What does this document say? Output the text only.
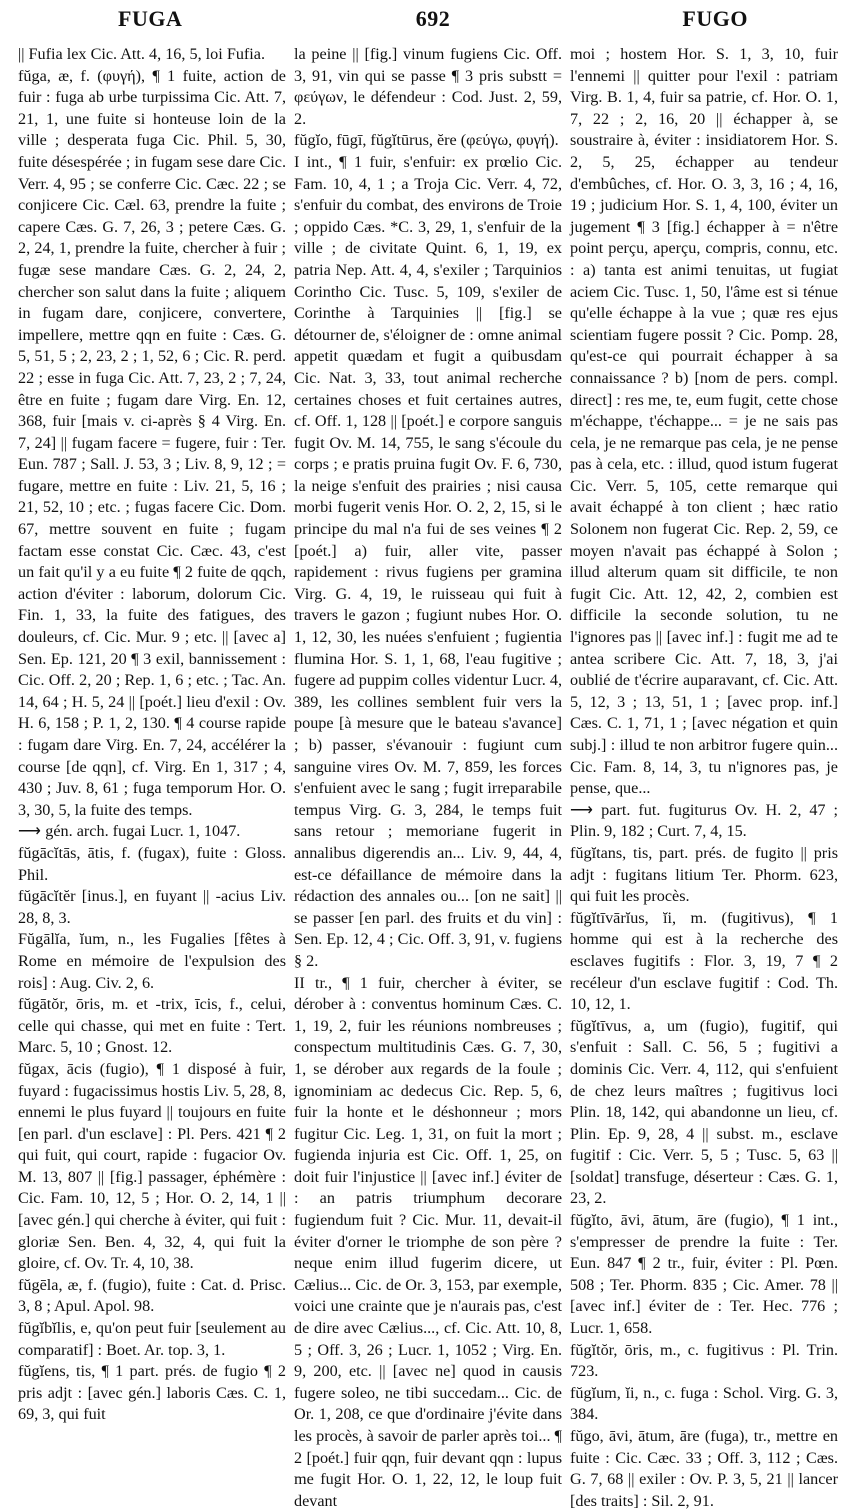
FUGA	692	FUGO

|| Fufia lex Cic. Att. 4, 16, 5, loi Fufia.

fŭga, æ, f. (φυγή), ¶ 1 fuite, action de fuir : fuga ab urbe turpissima Cic. Att. 7, 21, 1, une fuite si honteuse loin de la ville ; desperata fuga Cic. Phil. 5, 30, fuite désespérée ; in fugam sese dare Cic. Verr. 4, 95 ; se conferre Cic. Cæc. 22 ; se conjicere Cic. Cæl. 63, prendre la fuite ; capere Cæs. G. 7, 26, 3 ; petere Cæs. G. 2, 24, 1, prendre la fuite, chercher à fuir ; fugæ sese mandare Cæs. G. 2, 24, 2, chercher son salut dans la fuite ; aliquem in fugam dare, conjicere, convertere, impellere, mettre qqn en fuite : Cæs. G. 5, 51, 5 ; 2, 23, 2 ; 1, 52, 6 ; Cic. R. perd. 22 ; esse in fuga Cic. Att. 7, 23, 2 ; 7, 24, être en fuite ; fugam dare Virg. En. 12, 368, fuir [mais v. ci-après § 4 Virg. En. 7, 24] || fugam facere = fugere, fuir : Ter. Eun. 787 ; Sall. J. 53, 3 ; Liv. 8, 9, 12 ; = fugare, mettre en fuite : Liv. 21, 5, 16 ; 21, 52, 10 ; etc. ; fugas facere Cic. Dom. 67, mettre souvent en fuite ; fugam factam esse constat Cic. Cæc. 43, c'est un fait qu'il y a eu fuite ¶ 2 fuite de qqch, action d'éviter : laborum, dolorum Cic. Fin. 1, 33, la fuite des fatigues, des douleurs, cf. Cic. Mur. 9 ; etc. || [avec a] Sen. Ep. 121, 20 ¶ 3 exil, bannissement : Cic. Off. 2, 20 ; Rep. 1, 6 ; etc. ; Tac. An. 14, 64 ; H. 5, 24 || [poét.] lieu d'exil : Ov. H. 6, 158 ; P. 1, 2, 130. ¶ 4 course rapide : fugam dare Virg. En. 7, 24, accélérer la course [de qqn], cf. Virg. En 1, 317 ; 4, 430 ; Juv. 8, 61 ; fuga temporum Hor. O. 3, 30, 5, la fuite des temps.

⟶ gén. arch. fugai Lucr. 1, 1047.

fŭgācĭtās, ātis, f. (fugax), fuite : Gloss. Phil.

fŭgācĭtĕr [inus.], en fuyant || -acius Liv. 28, 8, 3.

Fŭgālĭa, ĭum, n., les Fugalies [fêtes à Rome en mémoire de l'expulsion des rois] : Aug. Civ. 2, 6.

fŭgātŏr, ōris, m. et -trix, īcis, f., celui, celle qui chasse, qui met en fuite : Tert. Marc. 5, 10 ; Gnost. 12.

fŭgax, ācis (fugio), ¶ 1 disposé à fuir, fuyard : fugacissimus hostis Liv. 5, 28, 8, ennemi le plus fuyard || toujours en fuite [en parl. d'un esclave] : Pl. Pers. 421 ¶ 2 qui fuit, qui court, rapide : fugacior Ov. M. 13, 807 || [fig.] passager, éphémère : Cic. Fam. 10, 12, 5 ; Hor. O. 2, 14, 1 || [avec gén.] qui cherche à éviter, qui fuit : gloriæ Sen. Ben. 4, 32, 4, qui fuit la gloire, cf. Ov. Tr. 4, 10, 38.

fŭgēla, æ, f. (fugio), fuite : Cat. d. Prisc. 3, 8 ; Apul. Apol. 98.

fŭgĭbĭlis, e, qu'on peut fuir [seulement au comparatif] : Boet. Ar. top. 3, 1.

fŭgĭens, tis, ¶ 1 part. prés. de fugio ¶ 2 pris adjt : [avec gén.] laboris Cæs. C. 1, 69, 3, qui fuit

la peine || [fig.] vinum fugiens Cic. Off. 3, 91, vin qui se passe ¶ 3 pris substt = φεύγων, le défendeur : Cod. Just. 2, 59, 2.

fŭgĭo, fūgī, fŭgĭtūrus, ĕre (φεύγω, φυγή).

I int., ¶ 1 fuir, s'enfuir: ex prœlio Cic. Fam. 10, 4, 1 ; a Troja Cic. Verr. 4, 72, s'enfuir du combat, des environs de Troie ; oppido Cæs. *C. 3, 29, 1, s'enfuir de la ville ; de civitate Quint. 6, 1, 19, ex patria Nep. Att. 4, 4, s'exiler ; Tarquinios Corintho Cic. Tusc. 5, 109, s'exiler de Corinthe à Tarquinies || [fig.] se détourner de, s'éloigner de : omne animal appetit quædam et fugit a quibusdam Cic. Nat. 3, 33, tout animal recherche certaines choses et fuit certaines autres, cf. Off. 1, 128 || [poét.] e corpore sanguis fugit Ov. M. 14, 755, le sang s'écoule du corps ; e pratis pruina fugit Ov. F. 6, 730, la neige s'enfuit des prairies ; nisi causa morbi fugerit venis Hor. O. 2, 2, 15, si le principe du mal n'a fui de ses veines ¶ 2 [poét.] a) fuir, aller vite, passer rapidement : rivus fugiens per gramina Virg. G. 4, 19, le ruisseau qui fuit à travers le gazon ; fugiunt nubes Hor. O. 1, 12, 30, les nuées s'enfuient ; fugientia flumina Hor. S. 1, 1, 68, l'eau fugitive ; fugere ad puppim colles videntur Lucr. 4, 389, les collines semblent fuir vers la poupe [à mesure que le bateau s'avance] ; b) passer, s'évanouir : fugiunt cum sanguine vires Ov. M. 7, 859, les forces s'enfuient avec le sang ; fugit irreparabile tempus Virg. G. 3, 284, le temps fuit sans retour ; memoriane fugerit in annalibus digerendis an... Liv. 9, 44, 4, est-ce défaillance de mémoire dans la rédaction des annales ou... [on ne sait] || se passer [en parl. des fruits et du vin] : Sen. Ep. 12, 4 ; Cic. Off. 3, 91, v. fugiens § 2.

II tr., ¶ 1 fuir, chercher à éviter, se dérober à : conventus hominum Cæs. C. 1, 19, 2, fuir les réunions nombreuses ; conspectum multitudinis Cæs. G. 7, 30, 1, se dérober aux regards de la foule ; ignominiam ac dedecus Cic. Rep. 5, 6, fuir la honte et le déshonneur ; mors fugitur Cic. Leg. 1, 31, on fuit la mort ; fugienda injuria est Cic. Off. 1, 25, on doit fuir l'injustice || [avec inf.] éviter de : an patris triumphum decorare fugiendum fuit ? Cic. Mur. 11, devait-il éviter d'orner le triomphe de son père ? neque enim illud fugerim dicere, ut Cælius... Cic. de Or. 3, 153, par exemple, voici une crainte que je n'aurais pas, c'est de dire avec Cælius..., cf. Cic. Att. 10, 8, 5 ; Off. 3, 26 ; Lucr. 1, 1052 ; Virg. En. 9, 200, etc. || [avec ne] quod in causis fugere soleo, ne tibi succedam... Cic. de Or. 1, 208, ce que d'ordinaire j'évite dans les procès, à savoir de parler après toi... ¶ 2 [poét.] fuir qqn, fuir devant qqn : lupus me fugit Hor. O. 1, 22, 12, le loup fuit devant

moi ; hostem Hor. S. 1, 3, 10, fuir l'ennemi || quitter pour l'exil : patriam Virg. B. 1, 4, fuir sa patrie, cf. Hor. O. 1, 7, 22 ; 2, 16, 20 || échapper à, se soustraire à, éviter : insidiatorem Hor. S. 2, 5, 25, échapper au tendeur d'embûches, cf. Hor. O. 3, 3, 16 ; 4, 16, 19 ; judicium Hor. S. 1, 4, 100, éviter un jugement ¶ 3 [fig.] échapper à = n'être point perçu, aperçu, compris, connu, etc. : a) tanta est animi tenuitas, ut fugiat aciem Cic. Tusc. 1, 50, l'âme est si ténue qu'elle échappe à la vue ; quæ res ejus scientiam fugere possit ? Cic. Pomp. 28, qu'est-ce qui pourrait échapper à sa connaissance ? b) [nom de pers. compl. direct] : res me, te, eum fugit, cette chose m'échappe, t'échappe... = je ne sais pas cela, je ne remarque pas cela, je ne pense pas à cela, etc. : illud, quod istum fugerat Cic. Verr. 5, 105, cette remarque qui avait échappé à ton client ; hæc ratio Solonem non fugerat Cic. Rep. 2, 59, ce moyen n'avait pas échappé à Solon ; illud alterum quam sit difficile, te non fugit Cic. Att. 12, 42, 2, combien est difficile la seconde solution, tu ne l'ignores pas || [avec inf.] : fugit me ad te antea scribere Cic. Att. 7, 18, 3, j'ai oublié de t'écrire auparavant, cf. Cic. Att. 5, 12, 3 ; 13, 51, 1 ; [avec prop. inf.] Cæs. C. 1, 71, 1 ; [avec négation et quin subj.] : illud te non arbitror fugere quin... Cic. Fam. 8, 14, 3, tu n'ignores pas, je pense, que...

⟶ part. fut. fugiturus Ov. H. 2, 47 ; Plin. 9, 182 ; Curt. 7, 4, 15.

fŭgĭtans, tis, part. prés. de fugito || pris adjt : fugitans litium Ter. Phorm. 623, qui fuit les procès.

fŭgĭtīvārĭus, ĭi, m. (fugitivus), ¶ 1 homme qui est à la recherche des esclaves fugitifs : Flor. 3, 19, 7 ¶ 2 recéleur d'un esclave fugitif : Cod. Th. 10, 12, 1.

fŭgĭtīvus, a, um (fugio), fugitif, qui s'enfuit : Sall. C. 56, 5 ; fugitivi a dominis Cic. Verr. 4, 112, qui s'enfuient de chez leurs maîtres ; fugitivus loci Plin. 18, 142, qui abandonne un lieu, cf. Plin. Ep. 9, 28, 4 || subst. m., esclave fugitif : Cic. Verr. 5, 5 ; Tusc. 5, 63 || [soldat] transfuge, déserteur : Cæs. G. 1, 23, 2.

fŭgĭto, āvi, ātum, āre (fugio), ¶ 1 int., s'empresser de prendre la fuite : Ter. Eun. 847 ¶ 2 tr., fuir, éviter : Pl. Pœn. 508 ; Ter. Phorm. 835 ; Cic. Amer. 78 || [avec inf.] éviter de : Ter. Hec. 776 ; Lucr. 1, 658.

fŭgĭtŏr, ōris, m., c. fugitivus : Pl. Trin. 723.

fŭgĭum, ĭi, n., c. fuga : Schol. Virg. G. 3, 384.

fŭgo, āvi, ātum, āre (fuga), tr., mettre en fuite : Cic. Cæc. 33 ; Off. 3, 112 ; Cæs. G. 7, 68 || exiler : Ov. P. 3, 5, 21 || lancer [des traits] : Sil. 2, 91.
